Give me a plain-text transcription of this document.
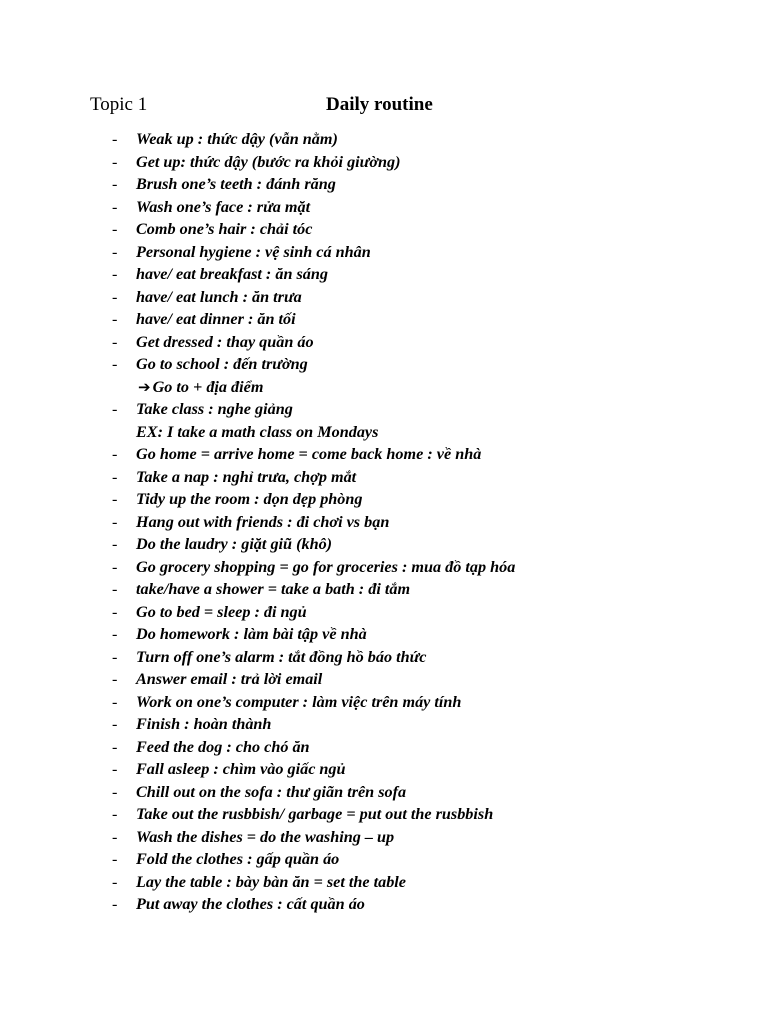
Topic 1	Daily routine
- Weak up : thức dậy (vẫn nằm)
- Get up: thức dậy (bước ra khỏi giường)
- Brush one’s teeth : đánh răng
- Wash one’s face : rửa mặt
- Comb one’s hair : chải tóc
- Personal hygiene : vệ sinh cá nhân
- have/ eat breakfast : ăn sáng
- have/ eat lunch : ăn trưa
- have/ eat dinner : ăn tối
- Get dressed : thay quần áo
- Go to school : đến trường
➔ Go to + địa điểm
- Take class : nghe giảng
EX: I take a math class on Mondays
- Go home = arrive home = come back home : về nhà
- Take a nap : nghỉ trưa, chợp mắt
- Tidy up the room : dọn dẹp phòng
- Hang out with friends : đi chơi vs bạn
- Do the laudry : giặt giũ (khô)
- Go grocery shopping = go for groceries : mua đồ tạp hóa
- take/have a shower = take a bath : đi tắm
- Go to bed = sleep : đi ngủ
- Do homework : làm bài tập về nhà
- Turn off one’s alarm : tắt đồng hồ báo thức
- Answer email : trả lời email
- Work on one’s computer : làm việc trên máy tính
- Finish : hoàn thành
- Feed the dog : cho chó ăn
- Fall asleep : chìm vào giấc ngủ
- Chill out on the sofa : thư giãn trên sofa
- Take out the rusbbish/ garbage = put out the rusbbish
- Wash the dishes = do the washing – up
- Fold the clothes : gấp quần áo
- Lay the table : bày bàn ăn = set the table
- Put away the clothes : cất quần áo
